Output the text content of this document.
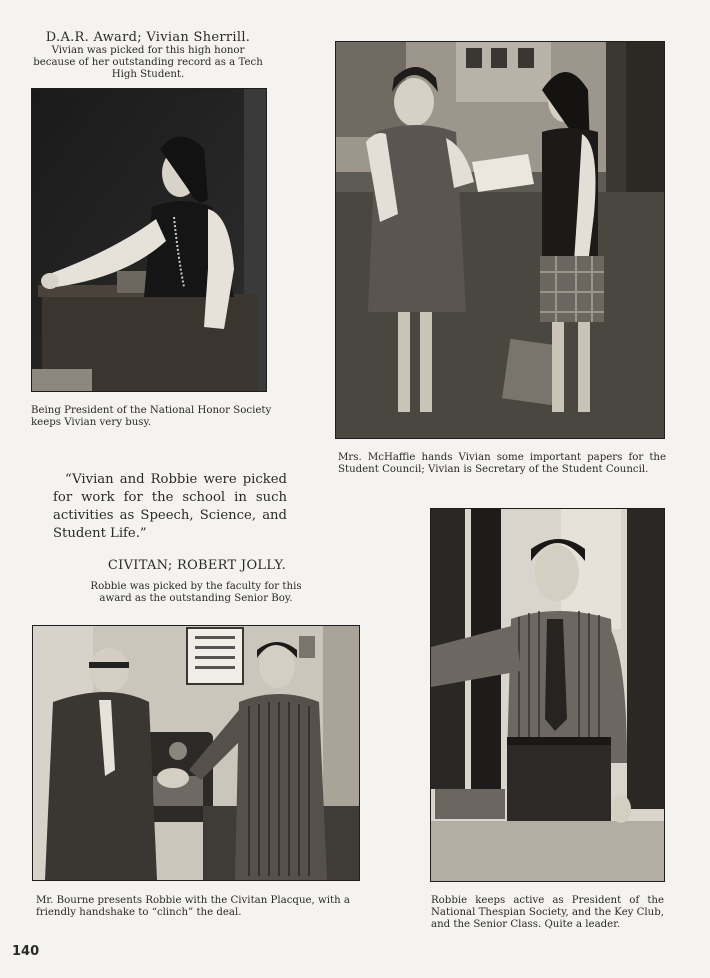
D.A.R. Award; Vivian Sherrill.
Vivian was picked for this high honor because of her outstanding record as a Tech High Student.
Being President of the National Honor Society keeps Vivian very busy.
Mrs. McHaffie hands Vivian some important papers for the Student Council; Vivian is Secretary of the Student Council.
“Vivian and Robbie were picked for work for the school in such activities as Speech, Science, and Student Life.”
CIVITAN; ROBERT JOLLY.
Robbie was picked by the faculty for this award as the outstanding Senior Boy.
Mr. Bourne presents Robbie with the Civitan Placque, with a friendly handshake to “clinch” the deal.
Robbie keeps active as President of the National Thespian Society, and the Key Club, and the Senior Class. Quite a leader.
140
